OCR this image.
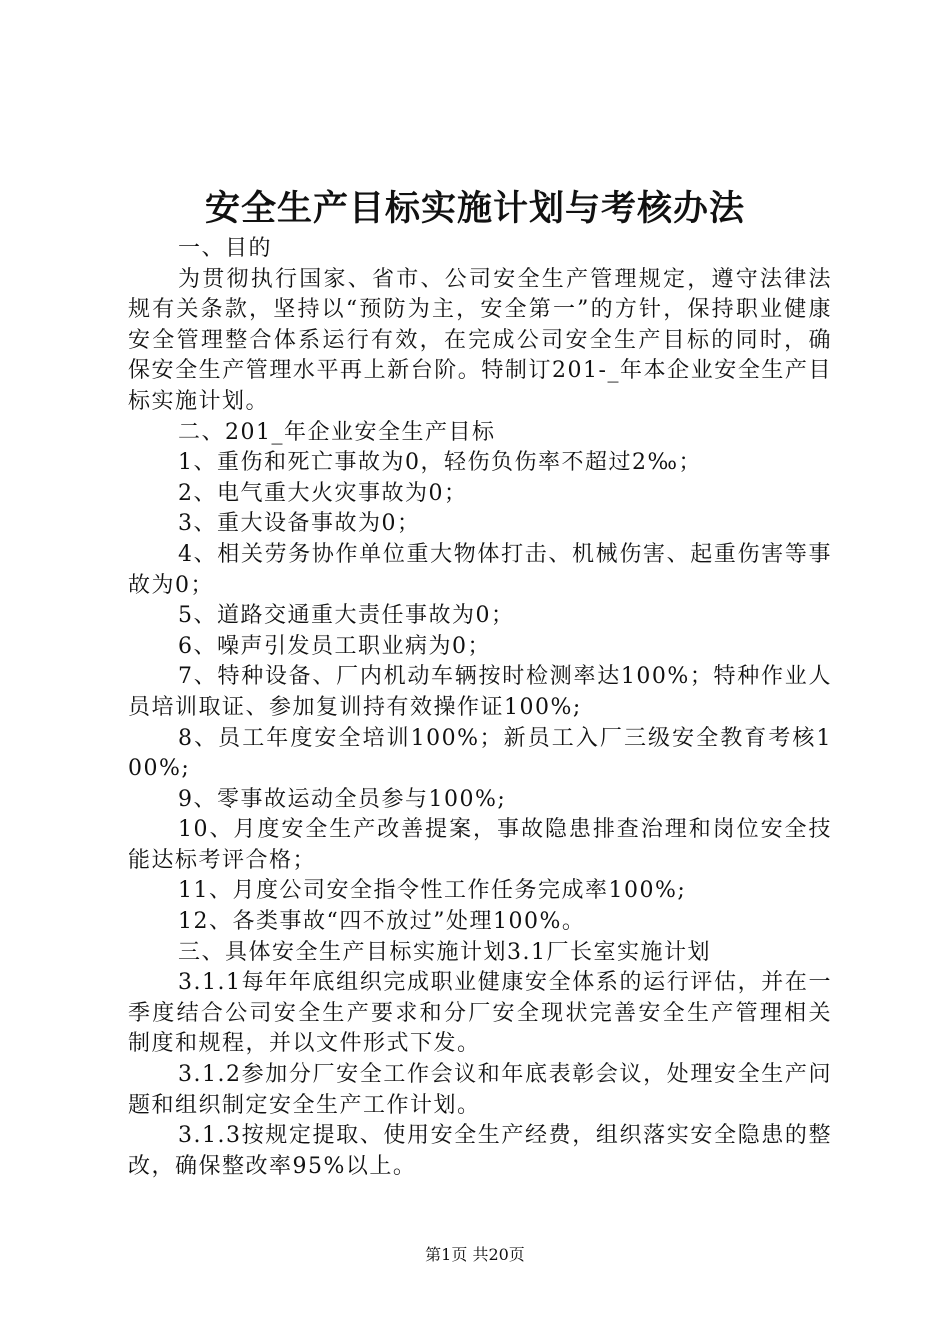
安全生产目标实施计划与考核办法

一、目的

为贯彻执行国家、省市、公司安全生产管理规定，遵守法律法规有关条款，坚持以“预防为主，安全第一”的方针，保持职业健康安全管理整合体系运行有效，在完成公司安全生产目标的同时，确保安全生产管理水平再上新台阶。特制订201-_年本企业安全生产目标实施计划。

二、201_年企业安全生产目标

1、重伤和死亡事故为0，轻伤负伤率不超过2‰；

2、电气重大火灾事故为0；

3、重大设备事故为0；

4、相关劳务协作单位重大物体打击、机械伤害、起重伤害等事故为0；

5、道路交通重大责任事故为0；

6、噪声引发员工职业病为0；

7、特种设备、厂内机动车辆按时检测率达100%；特种作业人员培训取证、参加复训持有效操作证100%;

8、员工年度安全培训100%；新员工入厂三级安全教育考核100%;

9、零事故运动全员参与100%;

10、月度安全生产改善提案，事故隐患排查治理和岗位安全技能达标考评合格；

11、月度公司安全指令性工作任务完成率100%;

12、各类事故“四不放过”处理100%。

三、具体安全生产目标实施计划3.1厂长室实施计划

3.1.1每年年底组织完成职业健康安全体系的运行评估，并在一季度结合公司安全生产要求和分厂安全现状完善安全生产管理相关制度和规程，并以文件形式下发。

3.1.2参加分厂安全工作会议和年底表彰会议，处理安全生产问题和组织制定安全生产工作计划。

3.1.3按规定提取、使用安全生产经费，组织落实安全隐患的整改，确保整改率95%以上。

第1页 共20页
